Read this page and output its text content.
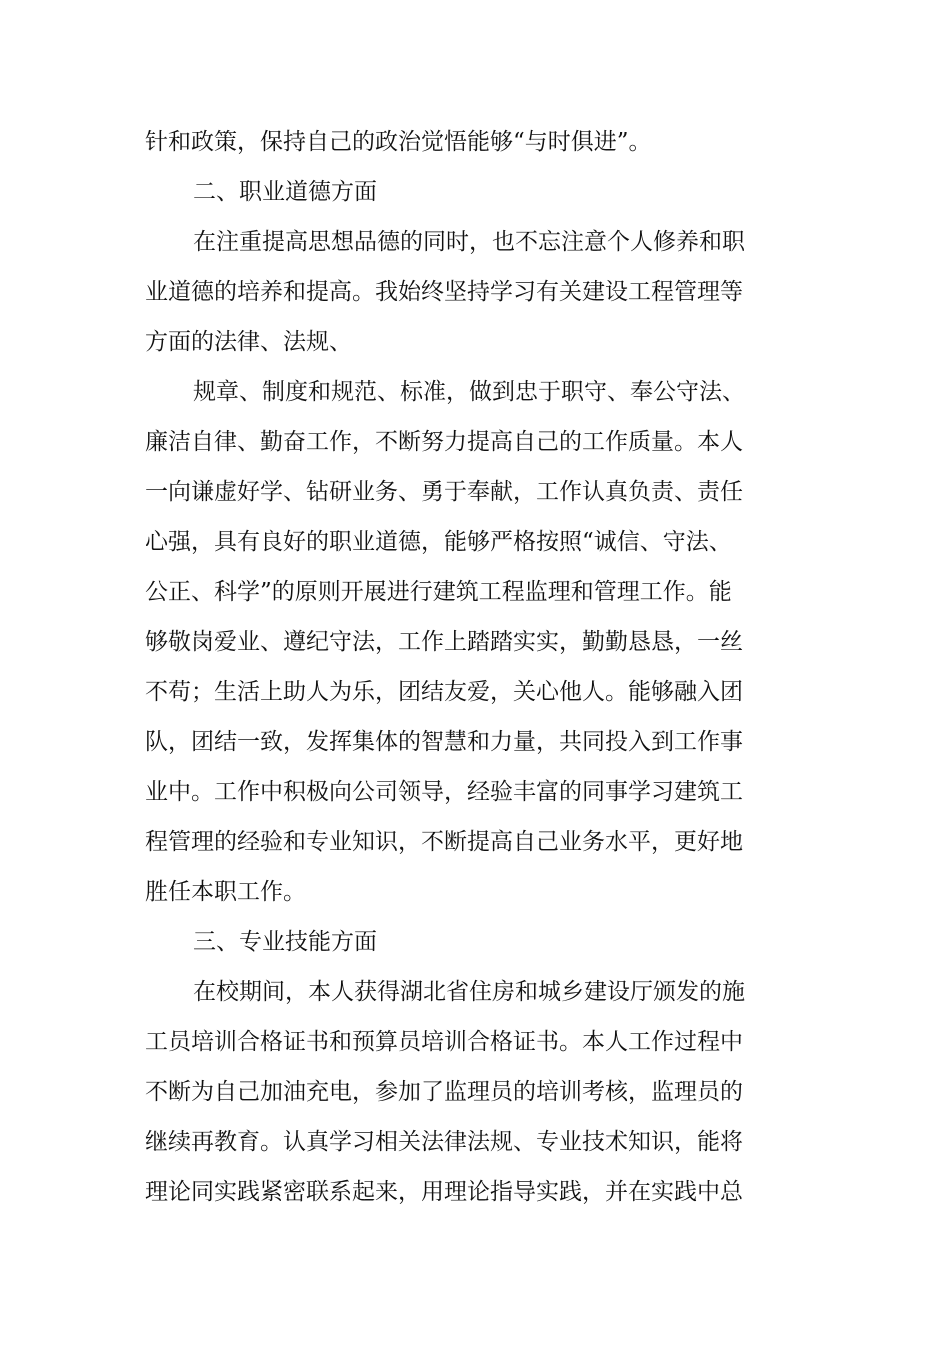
针和政策，保持自己的政治觉悟能够“与时俱进”。
二、职业道德方面
在注重提高思想品德的同时，也不忘注意个人修养和职
业道德的培养和提高。我始终坚持学习有关建设工程管理等
方面的法律、法规、
规章、制度和规范、标准，做到忠于职守、奉公守法、
廉洁自律、勤奋工作，不断努力提高自己的工作质量。本人
一向谦虚好学、钻研业务、勇于奉献，工作认真负责、责任
心强，具有良好的职业道德，能够严格按照“诚信、守法、
公正、科学”的原则开展进行建筑工程监理和管理工作。能
够敬岗爱业、遵纪守法，工作上踏踏实实，勤勤恳恳，一丝
不苟；生活上助人为乐，团结友爱，关心他人。能够融入团
队，团结一致，发挥集体的智慧和力量，共同投入到工作事
业中。工作中积极向公司领导，经验丰富的同事学习建筑工
程管理的经验和专业知识，不断提高自己业务水平，更好地
胜任本职工作。
三、专业技能方面
在校期间，本人获得湖北省住房和城乡建设厅颁发的施
工员培训合格证书和预算员培训合格证书。本人工作过程中
不断为自己加油充电，参加了监理员的培训考核，监理员的
继续再教育。认真学习相关法律法规、专业技术知识，能将
理论同实践紧密联系起来，用理论指导实践，并在实践中总
